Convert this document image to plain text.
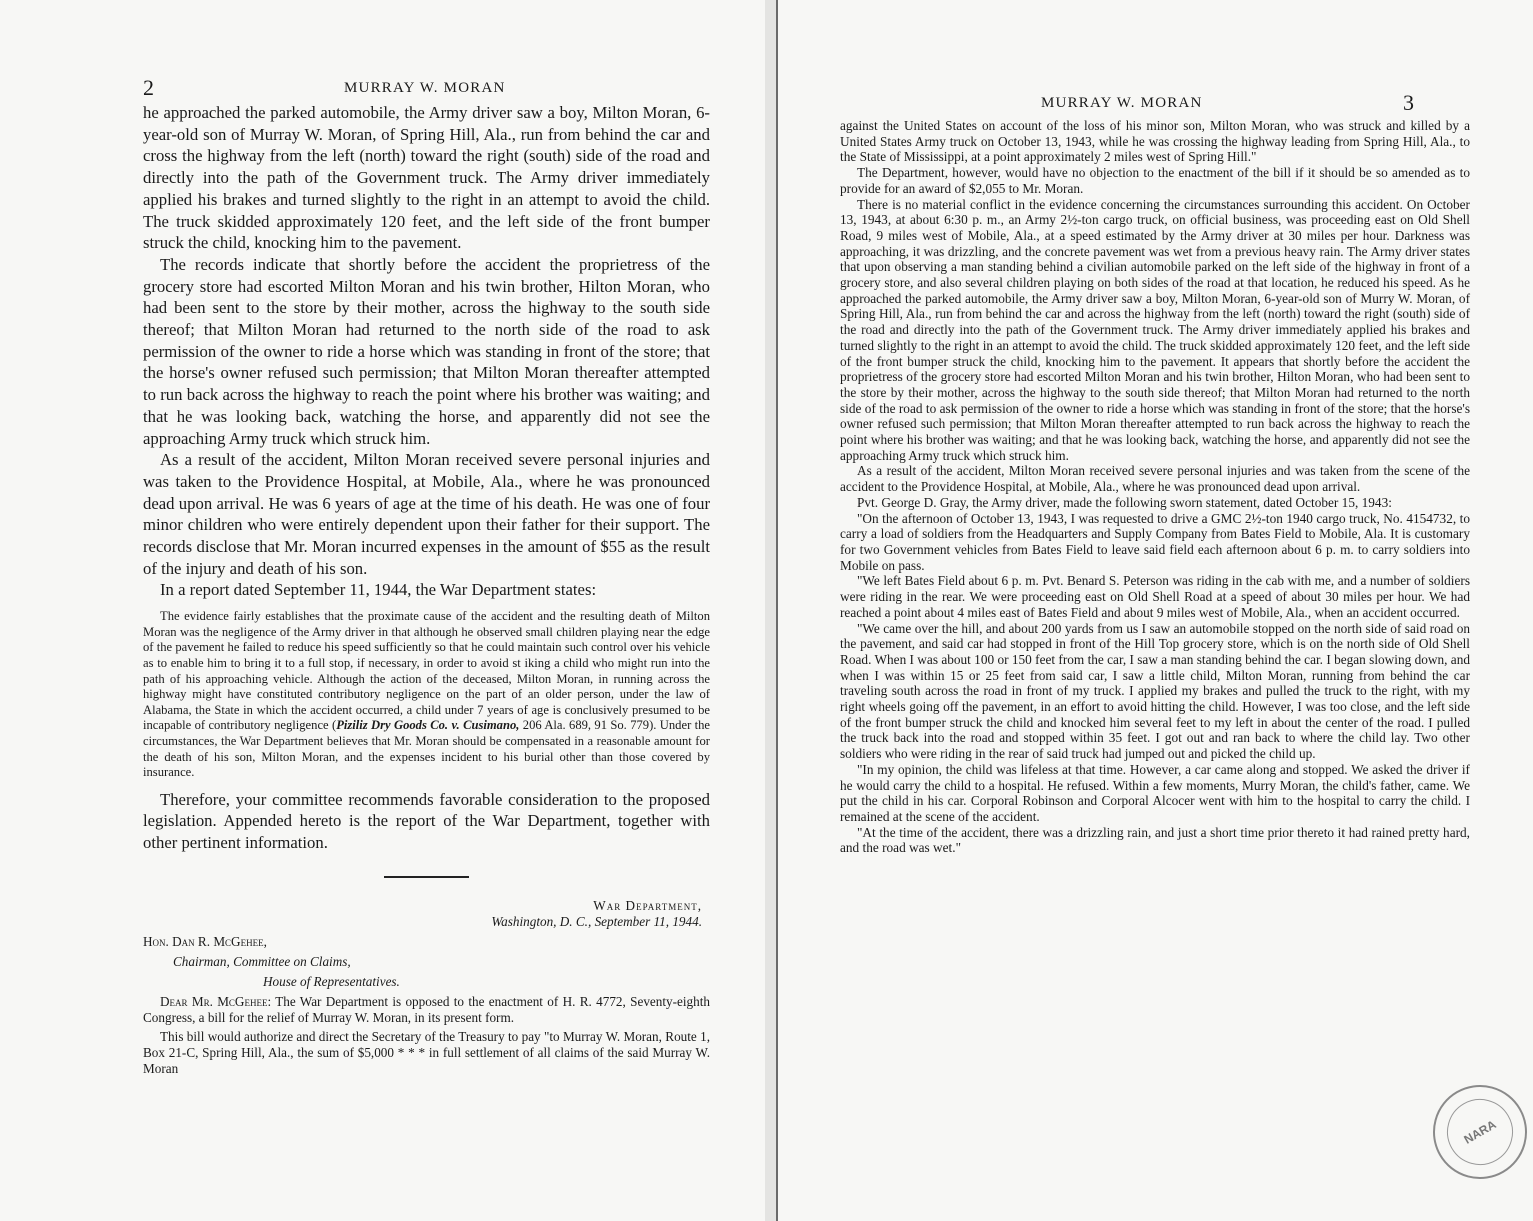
2	MURRAY W. MORAN

he approached the parked automobile, the Army driver saw a boy, Milton Moran, 6-year-old son of Murray W. Moran, of Spring Hill, Ala., run from behind the car and cross the highway from the left (north) toward the right (south) side of the road and directly into the path of the Government truck. The Army driver immediately applied his brakes and turned slightly to the right in an attempt to avoid the child. The truck skidded approximately 120 feet, and the left side of the front bumper struck the child, knocking him to the pavement.

The records indicate that shortly before the accident the proprietress of the grocery store had escorted Milton Moran and his twin brother, Hilton Moran, who had been sent to the store by their mother, across the highway to the south side thereof; that Milton Moran had returned to the north side of the road to ask permission of the owner to ride a horse which was standing in front of the store; that the horse's owner refused such permission; that Milton Moran thereafter attempted to run back across the highway to reach the point where his brother was waiting; and that he was looking back, watching the horse, and apparently did not see the approaching Army truck which struck him.

As a result of the accident, Milton Moran received severe personal injuries and was taken to the Providence Hospital, at Mobile, Ala., where he was pronounced dead upon arrival. He was 6 years of age at the time of his death. He was one of four minor children who were entirely dependent upon their father for their support. The records disclose that Mr. Moran incurred expenses in the amount of $55 as the result of the injury and death of his son.

In a report dated September 11, 1944, the War Department states:

The evidence fairly establishes that the proximate cause of the accident and the resulting death of Milton Moran was the negligence of the Army driver in that although he observed small children playing near the edge of the pavement he failed to reduce his speed sufficiently so that he could maintain such control over his vehicle as to enable him to bring it to a full stop, if necessary, in order to avoid st iking a child who might run into the path of his approaching vehicle. Although the action of the deceased, Milton Moran, in running across the highway might have constituted contributory negligence on the part of an older person, under the law of Alabama, the State in which the accident occurred, a child under 7 years of age is conclusively presumed to be incapable of contributory negligence (Piziliz Dry Goods Co. v. Cusimano, 206 Ala. 689, 91 So. 779). Under the circumstances, the War Department believes that Mr. Moran should be compensated in a reasonable amount for the death of his son, Milton Moran, and the expenses incident to his burial other than those covered by insurance.

Therefore, your committee recommends favorable consideration to the proposed legislation. Appended hereto is the report of the War Department, together with other pertinent information.

War Department,
Washington, D. C., September 11, 1944.
Hon. Dan R. McGehee,
Chairman, Committee on Claims,
House of Representatives.

Dear Mr. McGehee: The War Department is opposed to the enactment of H. R. 4772, Seventy-eighth Congress, a bill for the relief of Murray W. Moran, in its present form.

This bill would authorize and direct the Secretary of the Treasury to pay "to Murray W. Moran, Route 1, Box 21-C, Spring Hill, Ala., the sum of $5,000 * * * in full settlement of all claims of the said Murray W. Moran

MURRAY W. MORAN	3

against the United States on account of the loss of his minor son, Milton Moran, who was struck and killed by a United States Army truck on October 13, 1943, while he was crossing the highway leading from Spring Hill, Ala., to the State of Mississippi, at a point approximately 2 miles west of Spring Hill."

The Department, however, would have no objection to the enactment of the bill if it should be so amended as to provide for an award of $2,055 to Mr. Moran.

There is no material conflict in the evidence concerning the circumstances surrounding this accident. On October 13, 1943, at about 6:30 p. m., an Army 2½-ton cargo truck, on official business, was proceeding east on Old Shell Road, 9 miles west of Mobile, Ala., at a speed estimated by the Army driver at 30 miles per hour. Darkness was approaching, it was drizzling, and the concrete pavement was wet from a previous heavy rain. The Army driver states that upon observing a man standing behind a civilian automobile parked on the left side of the highway in front of a grocery store, and also several children playing on both sides of the road at that location, he reduced his speed. As he approached the parked automobile, the Army driver saw a boy, Milton Moran, 6-year-old son of Murry W. Moran, of Spring Hill, Ala., run from behind the car and across the highway from the left (north) toward the right (south) side of the road and directly into the path of the Government truck. The Army driver immediately applied his brakes and turned slightly to the right in an attempt to avoid the child. The truck skidded approximately 120 feet, and the left side of the front bumper struck the child, knocking him to the pavement. It appears that shortly before the accident the proprietress of the grocery store had escorted Milton Moran and his twin brother, Hilton Moran, who had been sent to the store by their mother, across the highway to the south side thereof; that Milton Moran had returned to the north side of the road to ask permission of the owner to ride a horse which was standing in front of the store; that the horse's owner refused such permission; that Milton Moran thereafter attempted to run back across the highway to reach the point where his brother was waiting; and that he was looking back, watching the horse, and apparently did not see the approaching Army truck which struck him.

As a result of the accident, Milton Moran received severe personal injuries and was taken from the scene of the accident to the Providence Hospital, at Mobile, Ala., where he was pronounced dead upon arrival.

Pvt. George D. Gray, the Army driver, made the following sworn statement, dated October 15, 1943:

"On the afternoon of October 13, 1943, I was requested to drive a GMC 2½-ton 1940 cargo truck, No. 4154732, to carry a load of soldiers from the Headquarters and Supply Company from Bates Field to Mobile, Ala. It is customary for two Government vehicles from Bates Field to leave said field each afternoon about 6 p. m. to carry soldiers into Mobile on pass.

"We left Bates Field about 6 p. m. Pvt. Benard S. Peterson was riding in the cab with me, and a number of soldiers were riding in the rear. We were proceeding east on Old Shell Road at a speed of about 30 miles per hour. We had reached a point about 4 miles east of Bates Field and about 9 miles west of Mobile, Ala., when an accident occurred.

"We came over the hill, and about 200 yards from us I saw an automobile stopped on the north side of said road on the pavement, and said car had stopped in front of the Hill Top grocery store, which is on the north side of Old Shell Road. When I was about 100 or 150 feet from the car, I saw a man standing behind the car. I began slowing down, and when I was within 15 or 25 feet from said car, I saw a little child, Milton Moran, running from behind the car traveling south across the road in front of my truck. I applied my brakes and pulled the truck to the right, with my right wheels going off the pavement, in an effort to avoid hitting the child. However, I was too close, and the left side of the front bumper struck the child and knocked him several feet to my left in about the center of the road. I pulled the truck back into the road and stopped within 35 feet. I got out and ran back to where the child lay. Two other soldiers who were riding in the rear of said truck had jumped out and picked the child up.

"In my opinion, the child was lifeless at that time. However, a car came along and stopped. We asked the driver if he would carry the child to a hospital. He refused. Within a few moments, Murry Moran, the child's father, came. We put the child in his car. Corporal Robinson and Corporal Alcocer went with him to the hospital to carry the child. I remained at the scene of the accident.

"At the time of the accident, there was a drizzling rain, and just a short time prior thereto it had rained pretty hard, and the road was wet."

NARA
